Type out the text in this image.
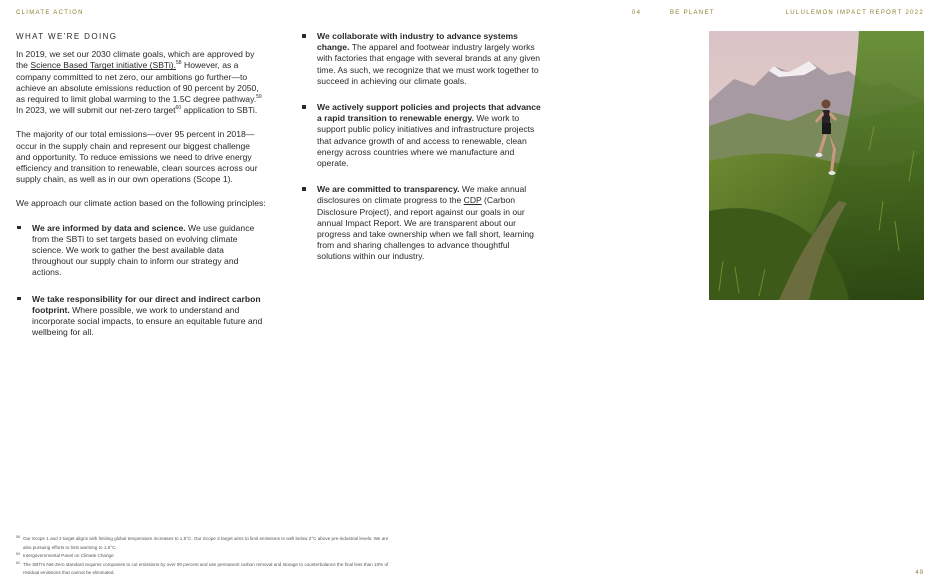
CLIMATE ACTION	04	BE PLANET	LULULEMON IMPACT REPORT 2022
WHAT WE'RE DOING

In 2019, we set our 2030 climate goals, which are approved by the Science Based Target initiative (SBTi).$^{58}$ However, as a company committed to net zero, our ambitions go further—to achieve an absolute emissions reduction of 90 percent by 2050, as required to limit global warming to the 1.5C degree pathway.$^{59}$ In 2023, we will submit our net-zero target$^{60}$ application to SBTi.

The majority of our total emissions—over 95 percent in 2018—occur in the supply chain and represent our biggest challenge and opportunity. To reduce emissions we need to drive energy efficiency and transition to renewable, clean sources across our supply chain, as well as in our own operations (Scope 1).

We approach our climate action based on the following principles:

We are informed by data and science. We use guidance from the SBTi to set targets based on evolving climate science. We work to gather the best available data throughout our supply chain to inform our strategy and actions.
We take responsibility for our direct and indirect carbon footprint. Where possible, we work to understand and incorporate social impacts, to ensure an equitable future and wellbeing for all.
We collaborate with industry to advance systems change. The apparel and footwear industry largely works with factories that engage with several brands at any given time. As such, we recognize that we must work together to succeed in achieving our climate goals.
We actively support policies and projects that advance a rapid transition to renewable energy. We work to support public policy initiatives and infrastructure projects that advance growth of and access to renewable, clean energy across countries where we manufacture and operate.
We are committed to transparency. We make annual disclosures on climate progress to the CDP (Carbon Disclosure Project), and report against our goals in our annual Impact Report. We are transparent about our progress and take ownership when we fall short, learning from and sharing challenges to advance thoughtful solutions within our industry.
58 Our Scope 1 and 2 target aligns with limiting global temperature increases to 1.5°C. Our Scope 3 target aims to limit emissions to well below 2°C above pre-industrial levels. We are also pursuing efforts to limit warming to 1.5°C.
59 Intergovernmental Panel on Climate Change
60 The SBTi's Net-Zero standard requires companies to cut emissions by over 90 percent and use permanent carbon removal and storage to counterbalance the final less than 10% of residual emissions that cannot be eliminated.	49
